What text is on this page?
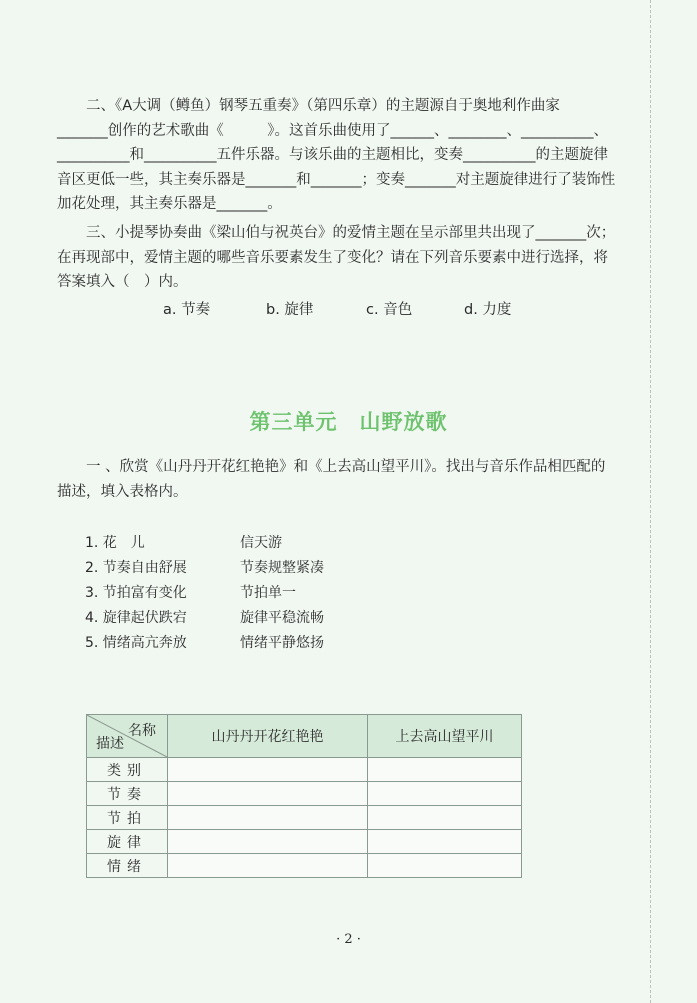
二、《A大调（鳟鱼）钢琴五重奏》（第四乐章）的主题源自于奥地利作曲家

_______创作的艺术歌曲《　　　》。这首乐曲使用了______、________、__________、

__________和__________五件乐器。与该乐曲的主题相比，变奏__________的主题旋律

音区更低一些，其主奏乐器是_______和_______；变奏_______对主题旋律进行了装饰性

加花处理，其主奏乐器是_______。

三、小提琴协奏曲《梁山伯与祝英台》的爱情主题在呈示部里共出现了_______次；

在再现部中，爱情主题的哪些音乐要素发生了变化？请在下列音乐要素中进行选择，将

答案填入（　）内。

a. 节奏	b. 旋律	c. 音色	d. 力度
第三单元　山野放歌

一 、欣赏《山丹丹开花红艳艳》和《上去高山望平川》。找出与音乐作品相匹配的

描述，填入表格内。

1. 花　儿	信天游
2. 节奏自由舒展	节奏规整紧凑
3. 节拍富有变化	节拍单一
4. 旋律起伏跌宕	旋律平稳流畅
5. 情绪高亢奔放	情绪平静悠扬
名称
描述	山丹丹开花红艳艳	上去高山望平川
类别		
节奏		
节拍		
旋律		
情绪		
· 2 ·
